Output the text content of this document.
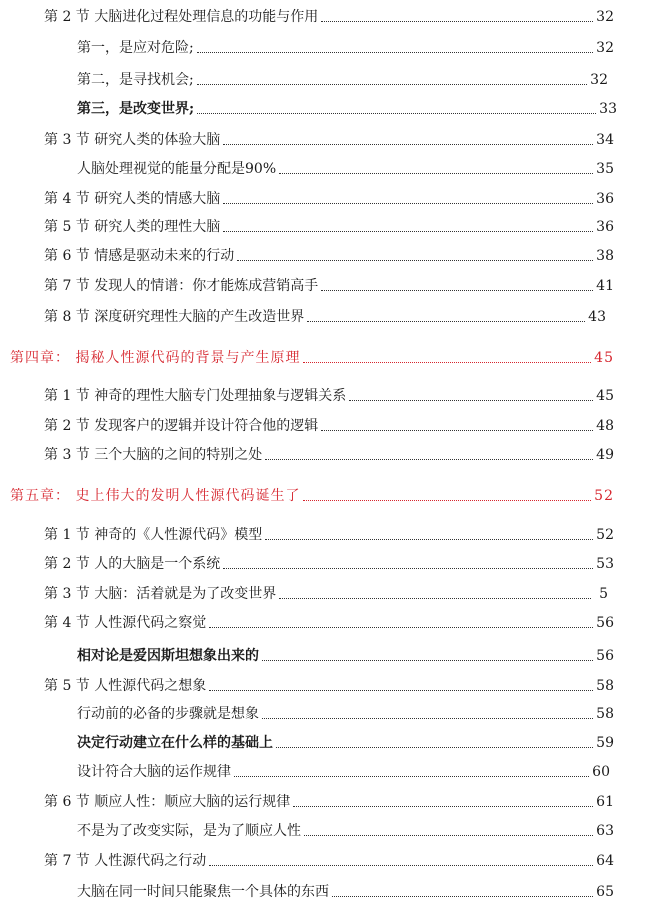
第 2 节 大脑进化过程处理信息的功能与作用	32
第一，是应对危险;	32
第二，是寻找机会;	32
第三，是改变世界;	33
第 3 节 研究人类的体验大脑	34
人脑处理视觉的能量分配是90%	35
第 4 节 研究人类的情感大脑	36
第 5 节 研究人类的理性大脑	36
第 6 节 情感是驱动未来的行动	38
第 7 节 发现人的情谱：你才能炼成营销高手	41
第 8 节 深度研究理性大脑的产生改造世界	43
第四章： 揭秘人性源代码的背景与产生原理	45
第 1 节 神奇的理性大脑专门处理抽象与逻辑关系	45
第 2 节 发现客户的逻辑并设计符合他的逻辑	48
第 3 节 三个大脑的之间的特别之处	49
第五章： 史上伟大的发明人性源代码诞生了	52
第 1 节 神奇的《人性源代码》模型	52
第 2 节 人的大脑是一个系统	53
第 3 节 大脑：活着就是为了改变世界	5
第 4 节 人性源代码之察觉	56
相对论是爱因斯坦想象出来的	56
第 5 节 人性源代码之想象	58
行动前的必备的步骤就是想象	58
决定行动建立在什么样的基础上	59
设计符合大脑的运作规律	60
第 6 节 顺应人性：顺应大脑的运行规律	61
不是为了改变实际，是为了顺应人性	63
第 7 节 人性源代码之行动	64
大脑在同一时间只能聚焦一个具体的东西	65
